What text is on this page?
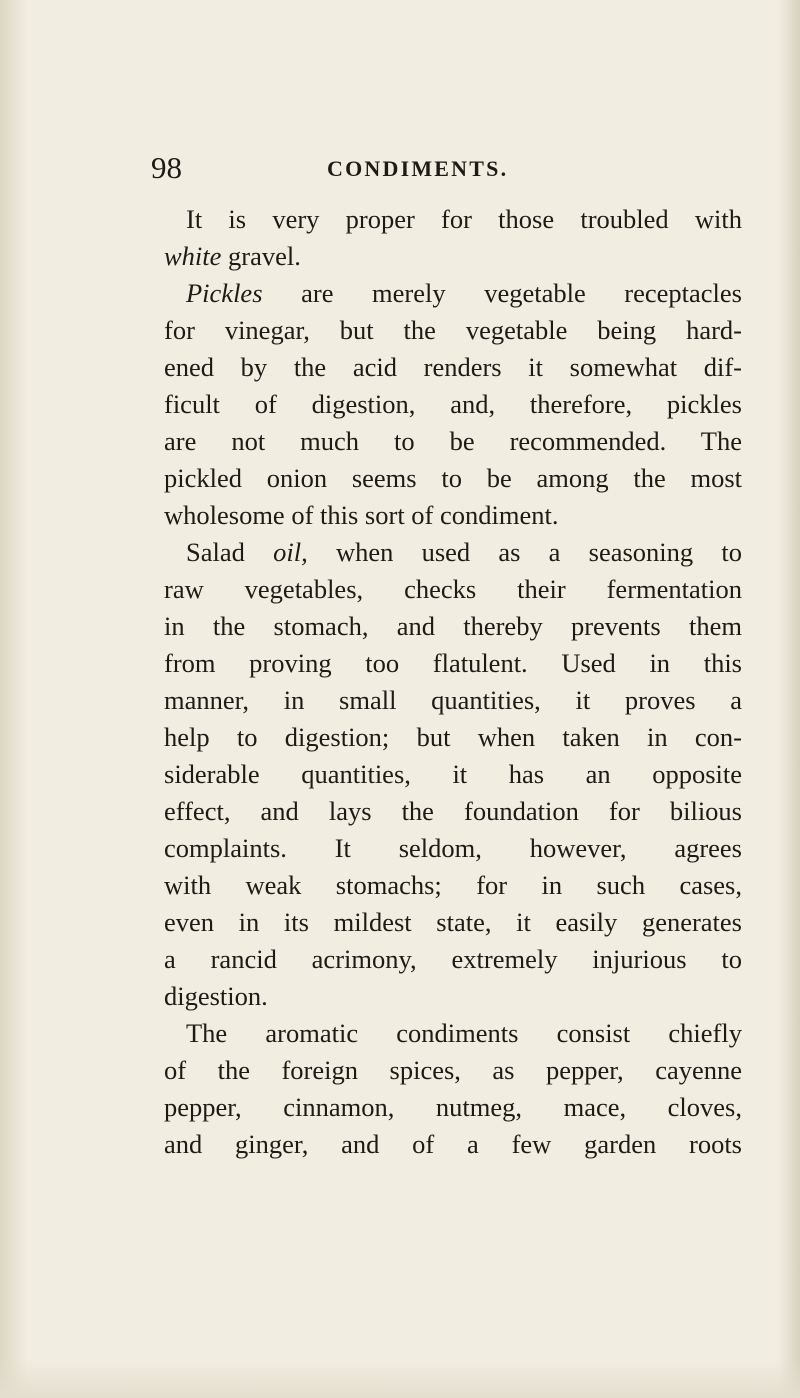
98	CONDIMENTS.
It is very proper for those troubled with
white gravel.
Pickles are merely vegetable receptacles
for vinegar, but the vegetable being hard-
ened by the acid renders it somewhat dif-
ficult of digestion, and, therefore, pickles
are not much to be recommended. The
pickled onion seems to be among the most
wholesome of this sort of condiment.
Salad oil, when used as a seasoning to
raw vegetables, checks their fermentation
in the stomach, and thereby prevents them
from proving too flatulent. Used in this
manner, in small quantities, it proves a
help to digestion; but when taken in con-
siderable quantities, it has an opposite
effect, and lays the foundation for bilious
complaints. It seldom, however, agrees
with weak stomachs; for in such cases,
even in its mildest state, it easily generates
a rancid acrimony, extremely injurious to
digestion.
The aromatic condiments consist chiefly
of the foreign spices, as pepper, cayenne
pepper, cinnamon, nutmeg, mace, cloves,
and ginger, and of a few garden roots
